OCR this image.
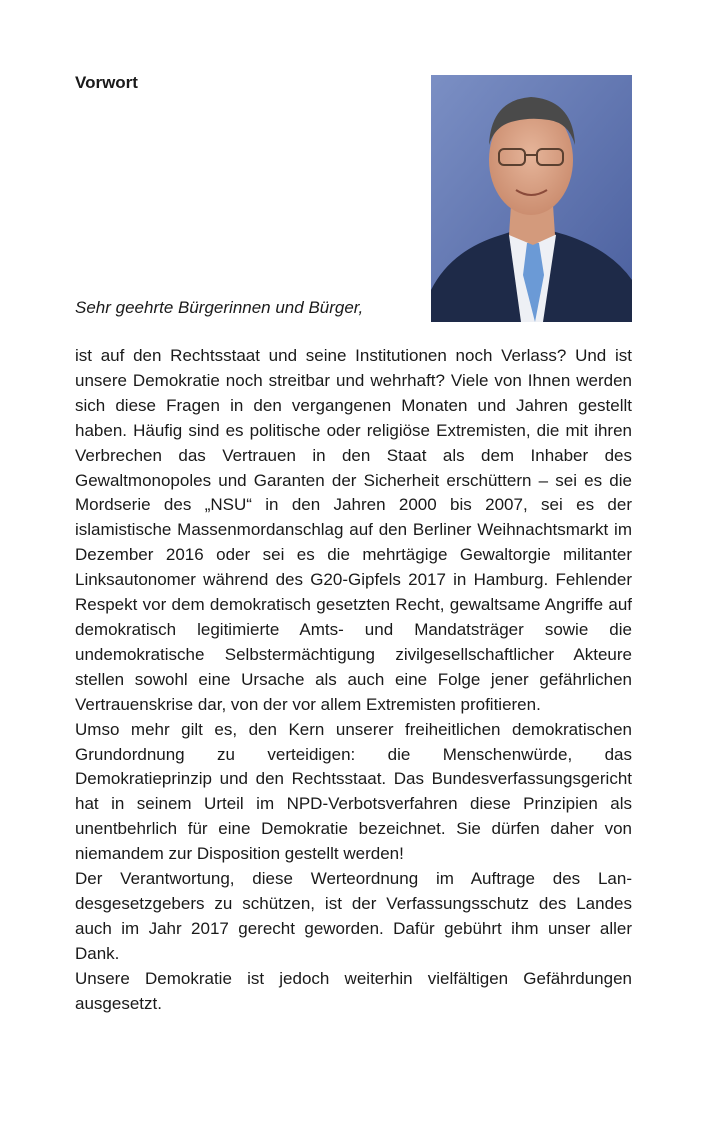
Vorwort

Sehr geehrte Bürgerinnen und Bürger,

ist auf den Rechtsstaat und seine Institutionen noch Verlass? Und ist unsere Demokratie noch streitbar und wehrhaft? Viele von Ihnen werden sich diese Fragen in den vergangenen Monaten und Jahren gestellt haben. Häufig sind es politische oder religiöse Extremisten, die mit ihren Verbrechen das Vertrauen in den Staat als dem Inhaber des Gewaltmonopoles und Garanten der Sicherheit erschüttern – sei es die Mordserie des „NSU“ in den Jahren 2000 bis 2007, sei es der islamistische Massenmordanschlag auf den Berliner Weihnachtsmarkt im Dezember 2016 oder sei es die mehrtägige Gewaltorgie militanter Linksautonomer während des G20-Gipfels 2017 in Hamburg. Fehlender Respekt vor dem demokratisch gesetzten Recht, gewaltsame Angriffe auf demokratisch legitimierte Amts- und Mandatsträger sowie die undemokratische Selbstermächtigung zivilgesellschaftlicher Akteure stellen sowohl eine Ursache als auch eine Folge jener gefährlichen Vertrauenskrise dar, von der vor allem Extremisten profitieren.

Umso mehr gilt es, den Kern unserer freiheitlichen demokratischen Grundordnung zu verteidigen: die Menschenwürde, das Demokratieprinzip und den Rechtsstaat. Das Bundesverfassungsgericht hat in seinem Urteil im NPD-Verbotsverfahren diese Prinzipien als unentbehrlich für eine Demokratie bezeichnet. Sie dürfen daher von niemandem zur Disposition gestellt werden!

Der Verantwortung, diese Werteordnung im Auftrage des Landesgesetzgebers zu schützen, ist der Verfassungsschutz des Landes auch im Jahr 2017 gerecht geworden. Dafür gebührt ihm unser aller Dank.

Unsere Demokratie ist jedoch weiterhin vielfältigen Gefährdungen ausgesetzt.
